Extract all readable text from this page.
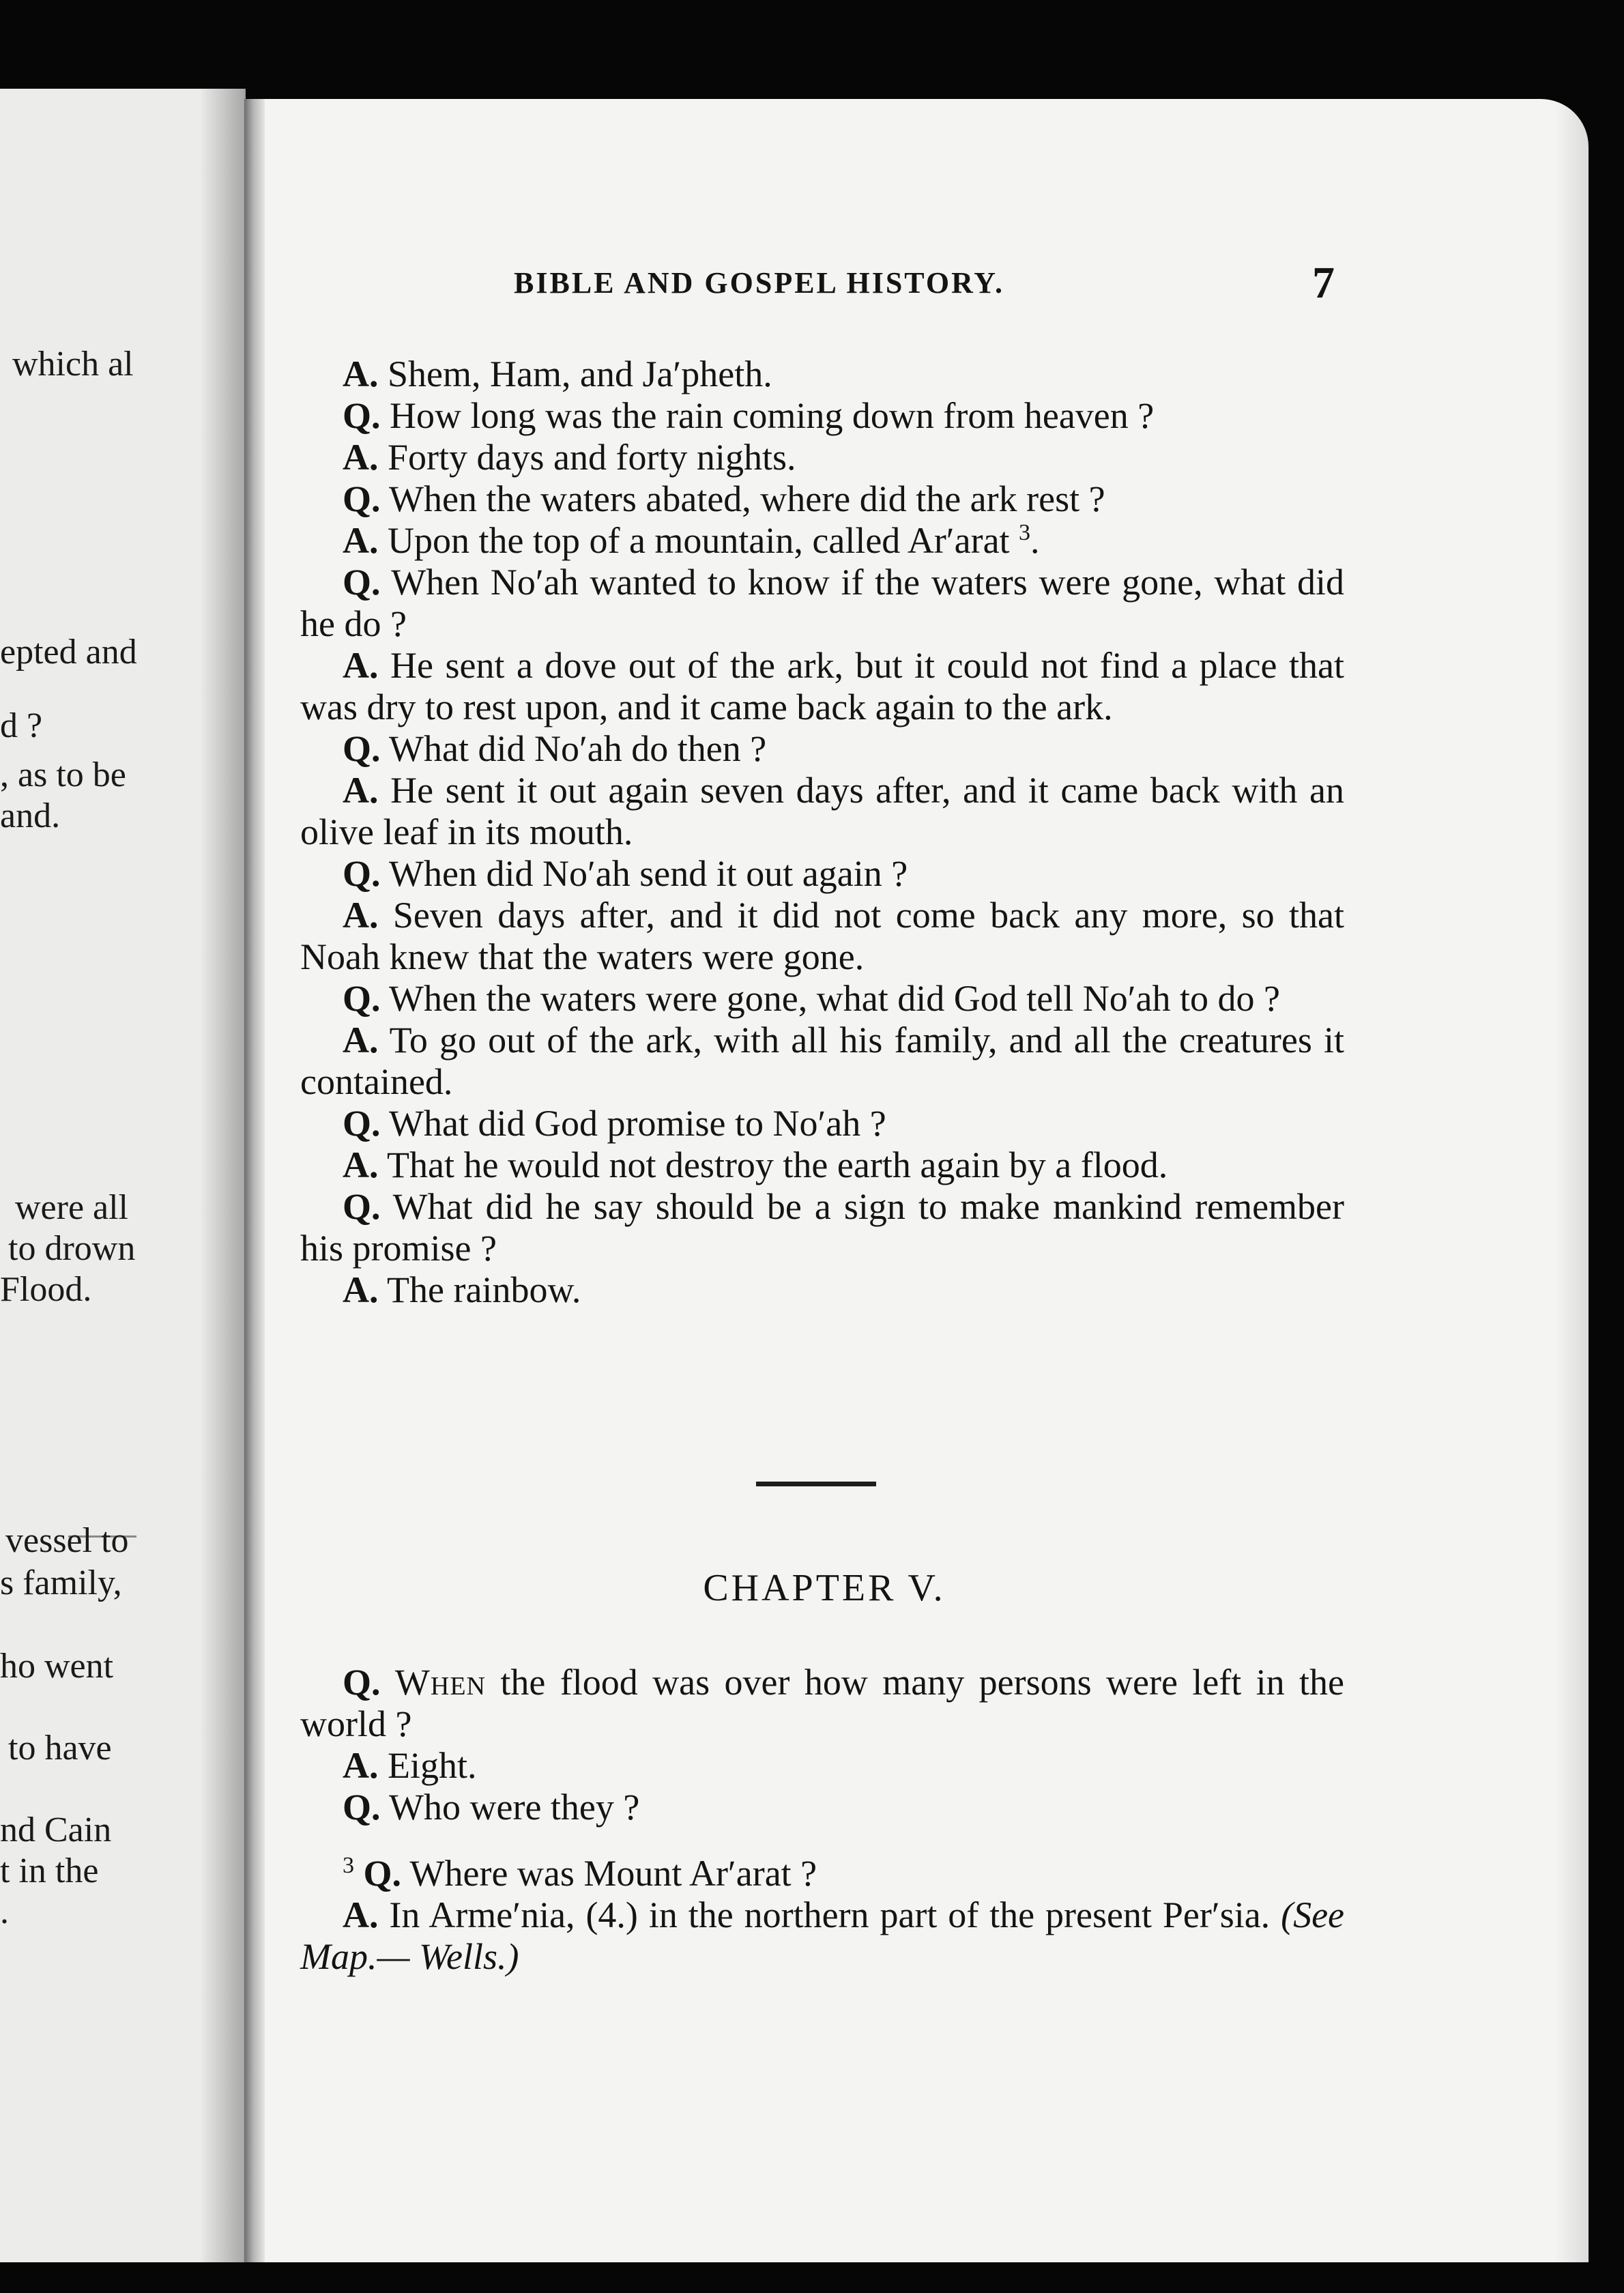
which al
epted and
d ?
, as to be
and.
were all
to drown
Flood.
vessel to
s family,
ho went
to have
nd Cain
t in the
.
BIBLE AND GOSPEL HISTORY.	7

A. Shem, Ham, and Ja′pheth.

Q. How long was the rain coming down from heaven ?

A. Forty days and forty nights.

Q. When the waters abated, where did the ark rest ?

A. Upon the top of a mountain, called Ar′arat $^3$.

Q. When No′ah wanted to know if the waters were gone, what did he do ?

A. He sent a dove out of the ark, but it could not find a place that was dry to rest upon, and it came back again to the ark.

Q. What did No′ah do then ?

A. He sent it out again seven days after, and it came back with an olive leaf in its mouth.

Q. When did No′ah send it out again ?

A. Seven days after, and it did not come back any more, so that Noah knew that the waters were gone.

Q. When the waters were gone, what did God tell No′ah to do ?

A. To go out of the ark, with all his family, and all the creatures it contained.

Q. What did God promise to No′ah ?

A. That he would not destroy the earth again by a flood.

Q. What did he say should be a sign to make mankind remember his promise ?

A. The rainbow.

CHAPTER V.

Q. When the flood was over how many persons were left in the world ?

A. Eight.

Q. Who were they ?

$^3$ Q. Where was Mount Ar′arat ?

A. In Arme′nia, (4.) in the northern part of the present Per′sia. (See Map.— Wells.)
